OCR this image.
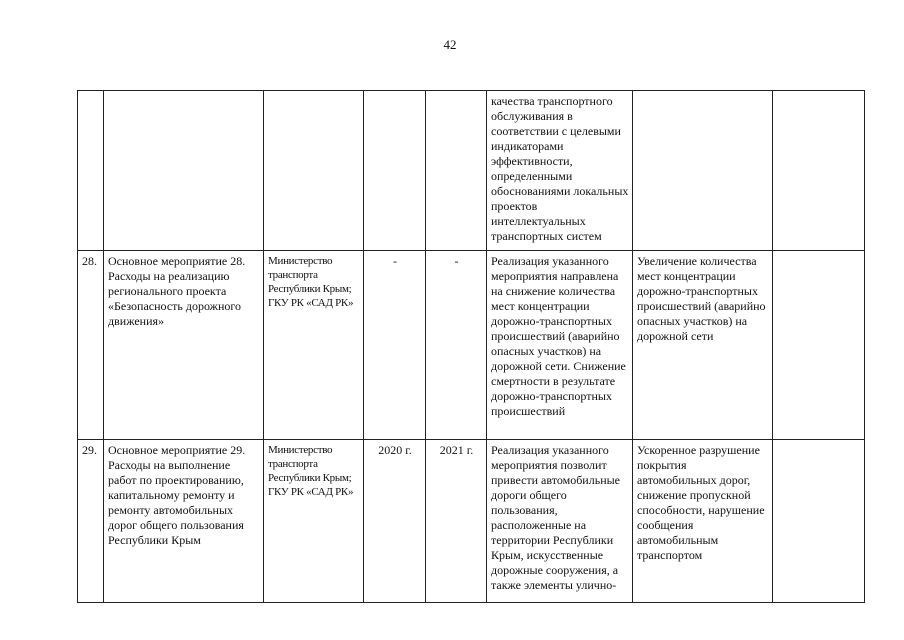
42
					качества транспортного обслуживания в соответствии с целевыми индикаторами эффективности, определенными обоснованиями локальных проектов интеллектуальных транспортных систем		
28.	Основное мероприятие 28. Расходы на реализацию регионального проекта «Безопасность дорожного движения»	Министерство транспорта Республики Крым; ГКУ РК «САД РК»	-	-	Реализация указанного мероприятия направлена на снижение количества мест концентрации дорожно-транспортных происшествий (аварийно опасных участков) на дорожной сети. Снижение смертности в результате дорожно-транспортных происшествий	Увеличение количества мест концентрации дорожно-транспортных происшествий (аварийно опасных участков) на дорожной сети	
29.	Основное мероприятие 29. Расходы на выполнение работ по проектированию, капитальному ремонту и ремонту автомобильных дорог общего пользования Республики Крым	Министерство транспорта Республики Крым; ГКУ РК «САД РК»	2020 г.	2021 г.	Реализация указанного мероприятия позволит привести автомобильные дороги общего пользования, расположенные на территории Республики Крым, искусственные дорожные сооружения, а также элементы улично-	Ускоренное разрушение покрытия автомобильных дорог, снижение пропускной способности, нарушение сообщения автомобильным транспортом	
